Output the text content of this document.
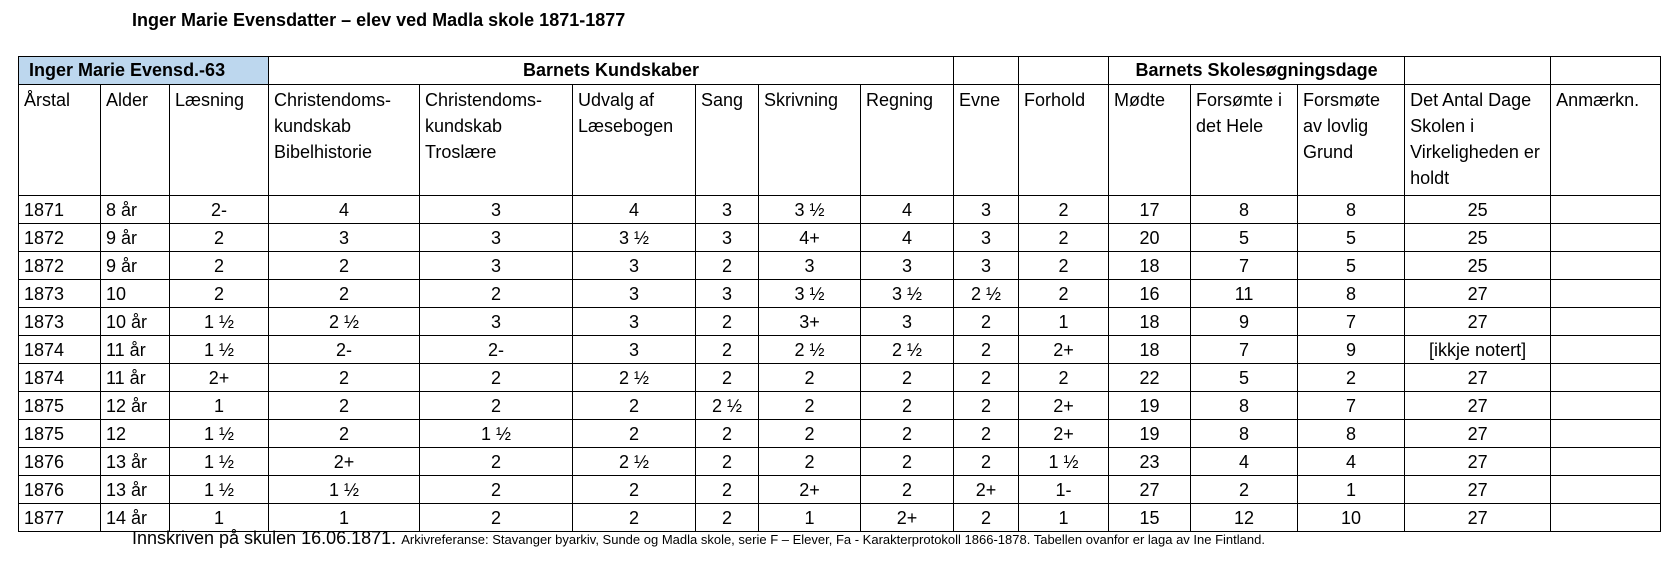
Inger Marie Evensdatter – elev ved Madla skole 1871-1877
Inger Marie Evensd.-63			Barnets Kundskaber								Barnets Skolesøgningsdage				
Årstal	Alder	Læsning	Christendoms-kundskab Bibelhistorie	Christendoms-kundskab Troslære	Udvalg af Læsebogen	Sang	Skrivning	Regning	Evne	Forhold	Mødte	Forsømte i det Hele	Forsmøte av lovlig Grund	Det Antal Dage Skolen i Virkeligheden er holdt	Anmærkn.
1871	8 år	2-	4	3	4	3	3 ½	4	3	2	17	8	8	25	
1872	9 år	2	3	3	3 ½	3	4+	4	3	2	20	5	5	25	
1872	9 år	2	2	3	3	2	3	3	3	2	18	7	5	25	
1873	10	2	2	2	3	3	3 ½	3 ½	2 ½	2	16	11	8	27	
1873	10 år	1 ½	2 ½	3	3	2	3+	3	2	1	18	9	7	27	
1874	11 år	1 ½	2-	2-	3	2	2 ½	2 ½	2	2+	18	7	9	[ikkje notert]	
1874	11 år	2+	2	2	2 ½	2	2	2	2	2	22	5	2	27	
1875	12 år	1	2	2	2	2 ½	2	2	2	2+	19	8	7	27	
1875	12	1 ½	2	1 ½	2	2	2	2	2	2+	19	8	8	27	
1876	13 år	1 ½	2+	2	2 ½	2	2	2	2	1 ½	23	4	4	27	
1876	13 år	1 ½	1 ½	2	2	2	2+	2	2+	1-	27	2	1	27	
1877	14 år	1	1	2	2	2	1	2+	2	1	15	12	10	27	
Innskriven på skulen 16.06.1871. Arkivreferanse: Stavanger byarkiv, Sunde og Madla skole, serie F – Elever, Fa - Karakterprotokoll 1866-1878. Tabellen ovanfor er laga av Ine Fintland.
